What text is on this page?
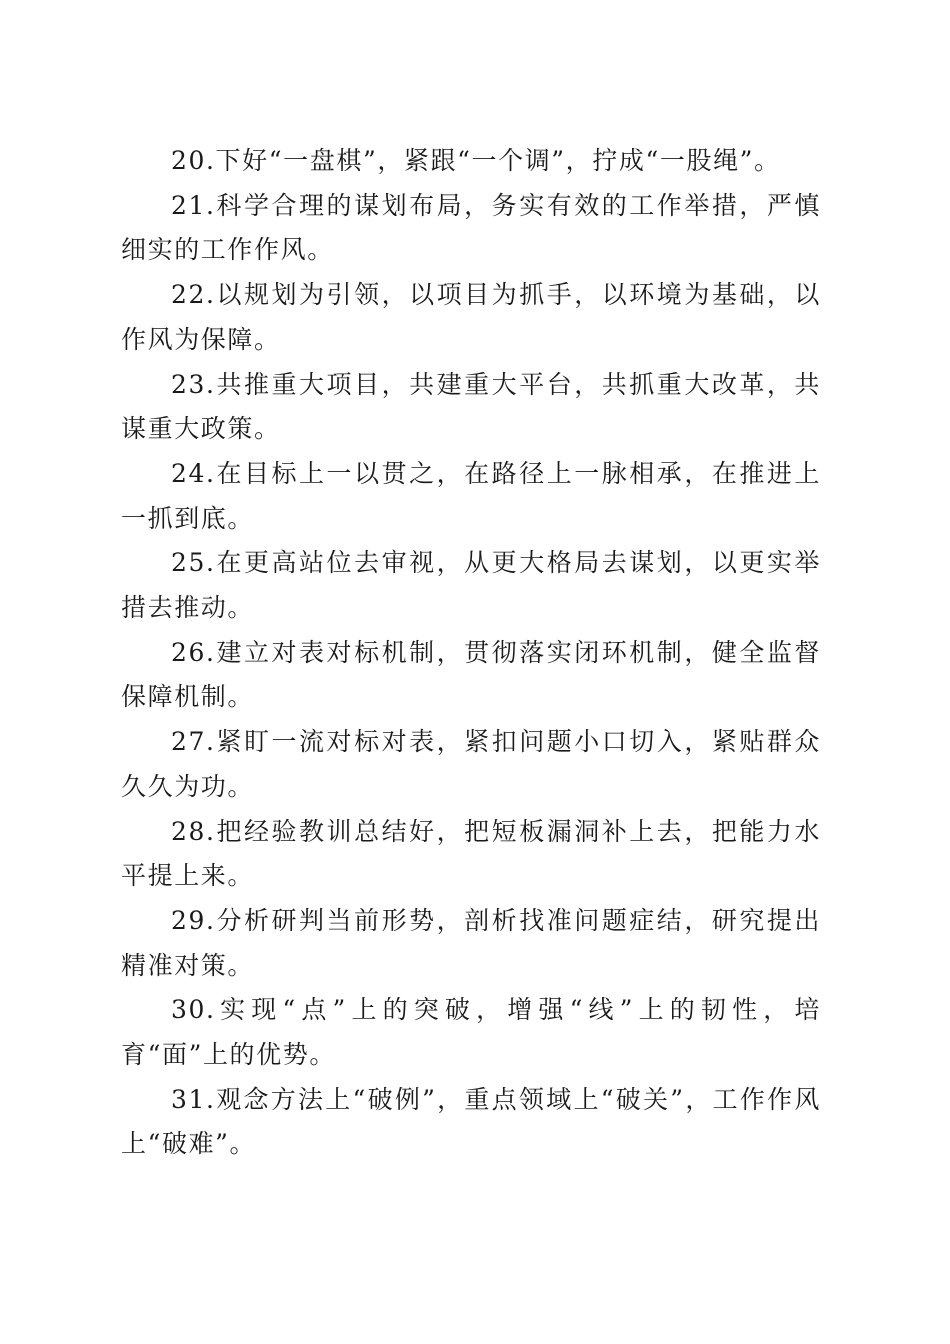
20.下好“一盘棋”，紧跟“一个调”，拧成“一股绳”。

21.科学合理的谋划布局，务实有效的工作举措，严慎细实的工作作风。

22.以规划为引领，以项目为抓手，以环境为基础，以作风为保障。

23.共推重大项目，共建重大平台，共抓重大改革，共谋重大政策。

24.在目标上一以贯之，在路径上一脉相承，在推进上一抓到底。

25.在更高站位去审视，从更大格局去谋划，以更实举措去推动。

26.建立对表对标机制，贯彻落实闭环机制，健全监督保障机制。

27.紧盯一流对标对表，紧扣问题小口切入，紧贴群众久久为功。

28.把经验教训总结好，把短板漏洞补上去，把能力水平提上来。

29.分析研判当前形势，剖析找准问题症结，研究提出精准对策。

30.实现“点”上的突破，增强“线”上的韧性，培育“面”上的优势。

31.观念方法上“破例”，重点领域上“破关”，工作作风上“破难”。
